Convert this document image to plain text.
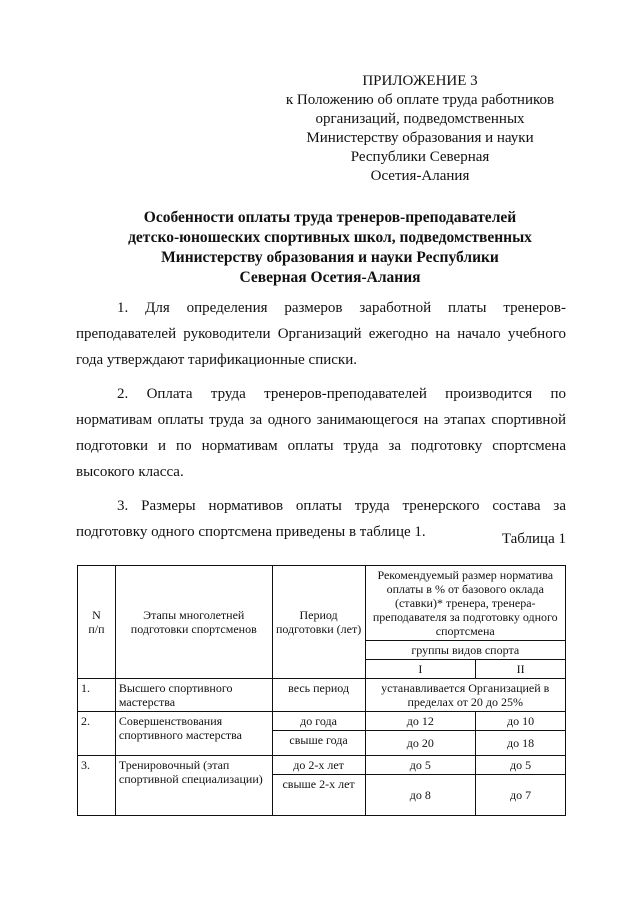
ПРИЛОЖЕНИЕ 3
к Положению об оплате труда работников
организаций, подведомственных
Министерству образования и науки
Республики Северная
Осетия-Алания
Особенности оплаты труда тренеров-преподавателей
детско-юношеских спортивных школ, подведомственных
Министерству образования и науки Республики
Северная Осетия-Алания

1. Для определения размеров заработной платы тренеров-преподавателей руководители Организаций ежегодно на начало учебного года утверждают тарификационные списки.

2. Оплата труда тренеров-преподавателей производится по нормативам оплаты труда за одного занимающегося на этапах спортивной подготовки и по нормативам оплаты труда за подготовку спортсмена высокого класса.

3. Размеры нормативов оплаты труда тренерского состава за подготовку одного спортсмена приведены в таблице 1.	Таблица 1
N
п/п	Этапы многолетней подготовки спортсменов	Период подготовки (лет)	Рекомендуемый размер норматива оплаты в % от базового оклада (ставки)* тренера, тренера-преподавателя за подготовку одного спортсмена	
			группы видов спорта	
			I	II
1.	Высшего спортивного мастерства	весь период	устанавливается Организацией в пределах от 20 до 25%	
2.	Совершенствования спортивного мастерства	до года	до 12	до 10
		свыше года	до 20	до 18
3.	Тренировочный (этап спортивной специализации)	до 2-х лет	до 5	до 5
		свыше 2-х лет	до 8	до 7
